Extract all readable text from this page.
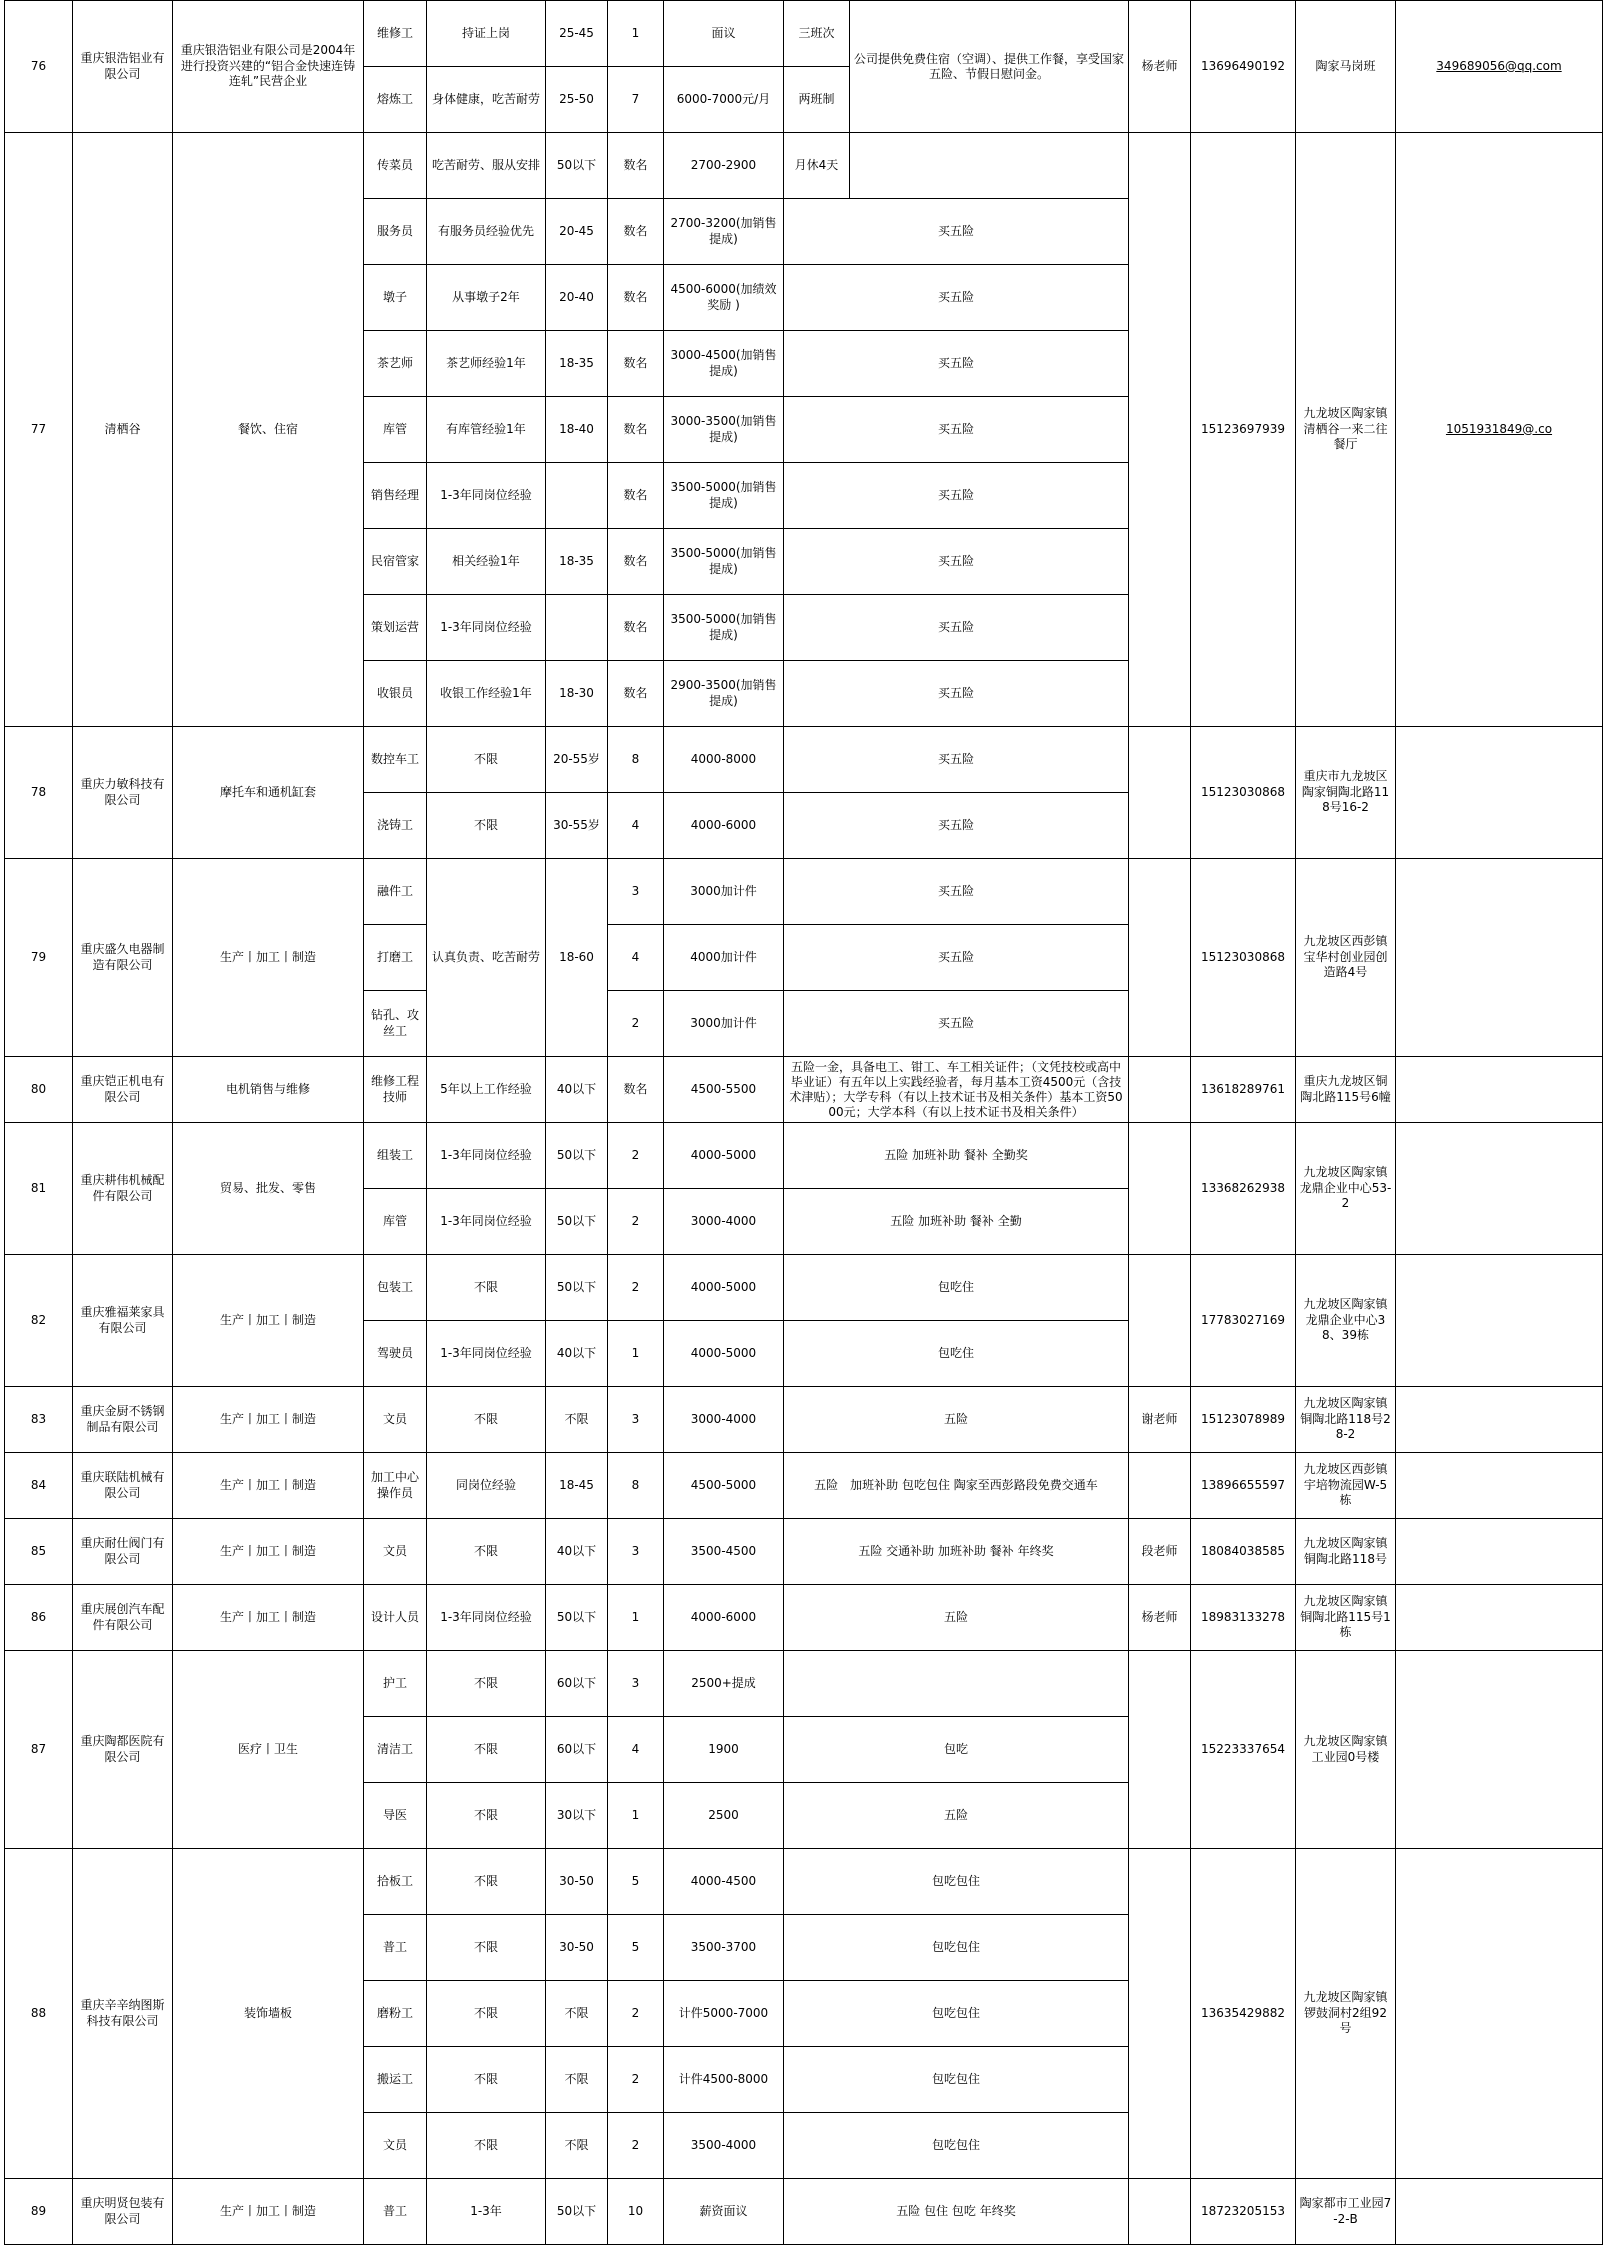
76	重庆银浩铝业有限公司	重庆银浩铝业有限公司是2004年进行投资兴建的“铝合金快速连铸连轧”民营企业	维修工	持证上岗	25-45	1	面议	三班次	公司提供免费住宿（空调）、提供工作餐，享受国家五险、节假日慰问金。	杨老师	13696490192	陶家马岗班	349689056@qq.com
			熔炼工	身体健康，吃苦耐劳	25-50	7	6000-7000元/月	两班制					
77	清栖谷	餐饮、住宿	传菜员	吃苦耐劳、服从安排	50以下	数名	2700-2900	月休4天			15123697939	九龙坡区陶家镇清栖谷一来二往餐厅	1051931849@.co
			服务员	有服务员经验优先	20-45	数名	2700-3200(加销售提成)	买五险					
			墩子	从事墩子2年	20-40	数名	4500-6000(加绩效奖励 )	买五险					
			茶艺师	茶艺师经验1年	18-35	数名	3000-4500(加销售提成)	买五险					
			库管	有库管经验1年	18-40	数名	3000-3500(加销售提成)	买五险					
			销售经理	1-3年同岗位经验		数名	3500-5000(加销售提成)	买五险					
			民宿管家	相关经验1年	18-35	数名	3500-5000(加销售提成)	买五险					
			策划运营	1-3年同岗位经验		数名	3500-5000(加销售提成)	买五险					
			收银员	收银工作经验1年	18-30	数名	2900-3500(加销售提成)	买五险					
78	重庆力敏科技有限公司	摩托车和通机缸套	数控车工	不限	20-55岁	8	4000-8000	买五险			15123030868	重庆市九龙坡区陶家铜陶北路118号16-2	
			浇铸工	不限	30-55岁	4	4000-6000	买五险					
79	重庆盛久电器制造有限公司	生产丨加工丨制造	融件工	认真负责、吃苦耐劳	18-60	3	3000加计件	买五险			15123030868	九龙坡区西彭镇宝华村创业园创造路4号	
			打磨工			4	4000加计件	买五险					
			钻孔、攻丝工			2	3000加计件	买五险					
80	重庆铠正机电有限公司	电机销售与维修	维修工程技师	5年以上工作经验	40以下	数名	4500-5500	五险一金，具备电工、钳工、车工相关证件；（文凭技校或高中毕业证）有五年以上实践经验者，每月基本工资4500元（含技术津贴）；大学专科（有以上技术证书及相关条件）基本工资5000元；大学本科（有以上技术证书及相关条件）			13618289761	重庆九龙坡区铜陶北路115号6幢	
81	重庆耕伟机械配件有限公司	贸易、批发、零售	组装工	1-3年同岗位经验	50以下	2	4000-5000	五险 加班补助 餐补 全勤奖			13368262938	九龙坡区陶家镇龙鼎企业中心53-2	
			库管	1-3年同岗位经验	50以下	2	3000-4000	五险 加班补助 餐补 全勤					
82	重庆雅福莱家具有限公司	生产丨加工丨制造	包装工	不限	50以下	2	4000-5000	包吃住			17783027169	九龙坡区陶家镇龙鼎企业中心38、39栋	
			驾驶员	1-3年同岗位经验	40以下	1	4000-5000	包吃住					
83	重庆金厨不锈钢制品有限公司	生产丨加工丨制造	文员	不限	不限	3	3000-4000	五险		谢老师	15123078989	九龙坡区陶家镇铜陶北路118号28-2	
84	重庆联陆机械有限公司	生产丨加工丨制造	加工中心操作员	同岗位经验	18-45	8	4500-5000	五险　加班补助 包吃包住 陶家至西彭路段免费交通车			13896655597	九龙坡区西彭镇宇培物流园W-5栋	
85	重庆耐仕阀门有限公司	生产丨加工丨制造	文员	不限	40以下	3	3500-4500	五险 交通补助 加班补助 餐补 年终奖		段老师	18084038585	九龙坡区陶家镇铜陶北路118号	
86	重庆展创汽车配件有限公司	生产丨加工丨制造	设计人员	1-3年同岗位经验	50以下	1	4000-6000	五险		杨老师	18983133278	九龙坡区陶家镇铜陶北路115号1栋	
87	重庆陶都医院有限公司	医疗丨卫生	护工	不限	60以下	3	2500+提成				15223337654	九龙坡区陶家镇工业园0号楼	
			清洁工	不限	60以下	4	1900	包吃					
			导医	不限	30以下	1	2500	五险					
88	重庆辛辛纳图斯科技有限公司	装饰墙板	拾板工	不限	30-50	5	4000-4500	包吃包住			13635429882	九龙坡区陶家镇锣鼓洞村2组92号	
			普工	不限	30-50	5	3500-3700	包吃包住					
			磨粉工	不限	不限	2	计件5000-7000	包吃包住					
			搬运工	不限	不限	2	计件4500-8000	包吃包住					
			文员	不限	不限	2	3500-4000	包吃包住					
89	重庆明贤包装有限公司	生产丨加工丨制造	普工	1-3年	50以下	10	薪资面议	五险 包住 包吃 年终奖			18723205153	陶家都市工业园7-2-B	
